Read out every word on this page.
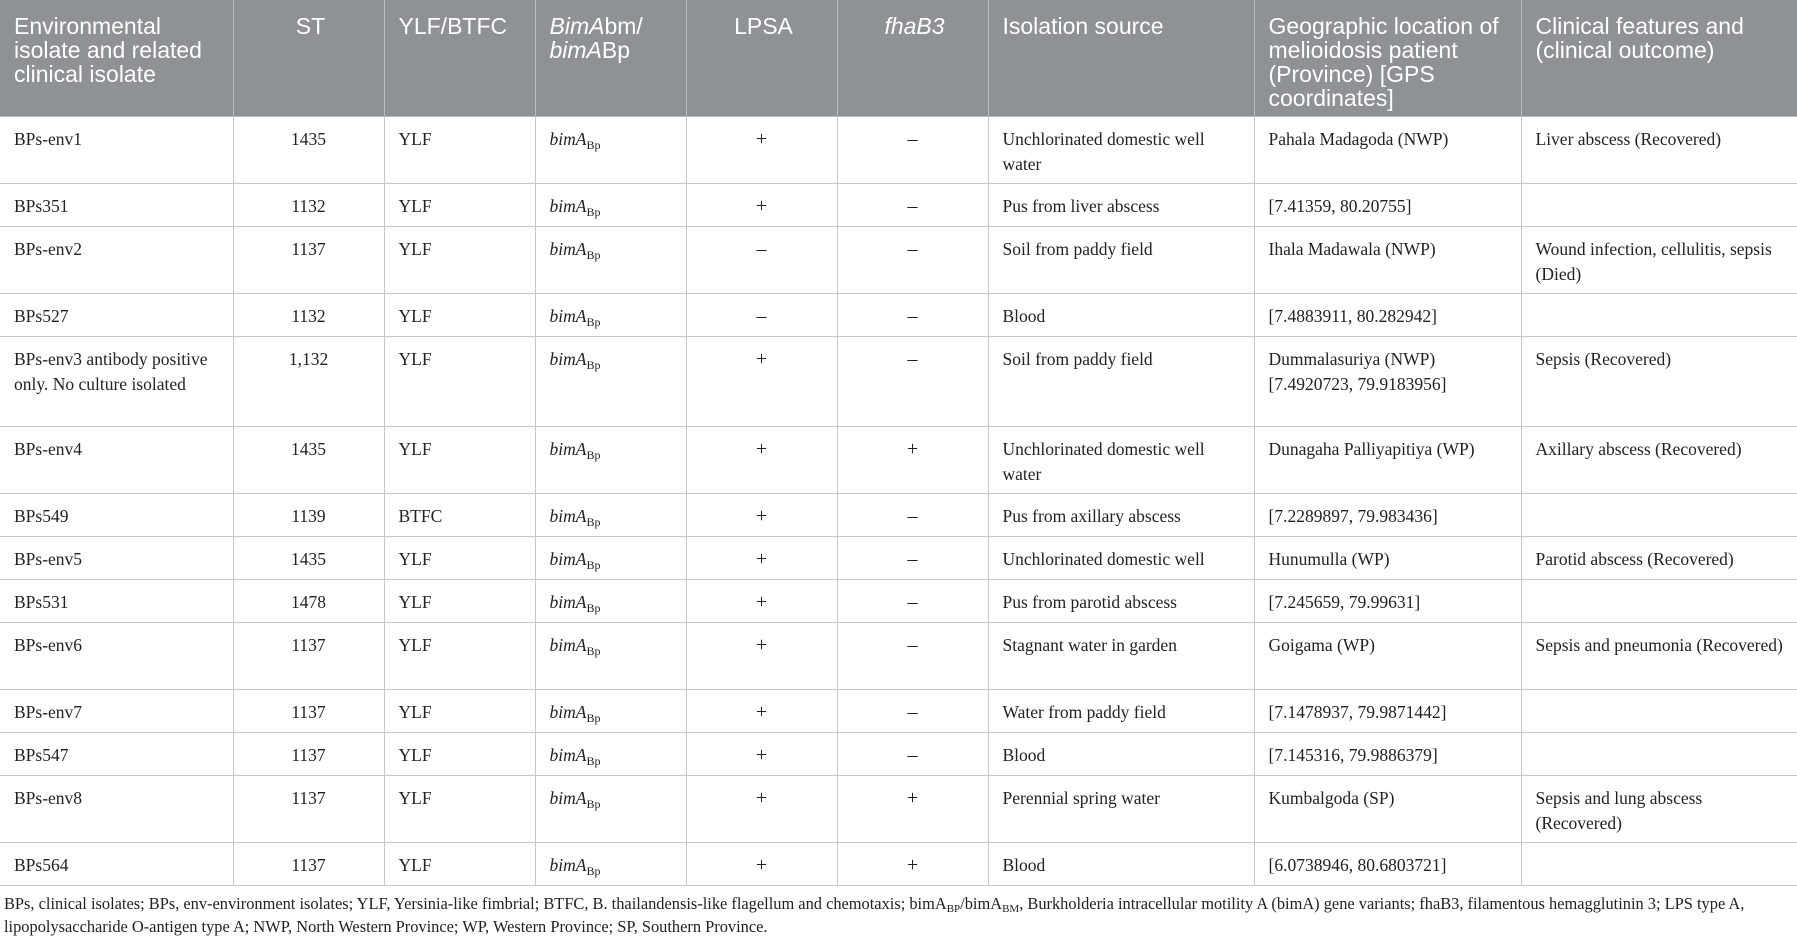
Environmental isolate and related clinical isolate	ST	YLF/BTFC	BimAbm/
bimABp	LPSA	fhaB3	Isolation source	Geographic location of melioidosis patient (Province) [GPS coordinates]	Clinical features and (clinical outcome)
BPs-env1	1435	YLF	bimA$_{Bp}$	+	–	Unchlorinated domestic well water	Pahala Madagoda (NWP)	Liver abscess (Recovered)
BPs351	1132	YLF	bimA$_{Bp}$	+	–	Pus from liver abscess	[7.41359, 80.20755]	
BPs-env2	1137	YLF	bimA$_{Bp}$	–	–	Soil from paddy field	Ihala Madawala (NWP)	Wound infection, cellulitis, sepsis (Died)
BPs527	1132	YLF	bimA$_{Bp}$	–	–	Blood	[7.4883911, 80.282942]	
BPs-env3 antibody positive only. No culture isolated	1,132	YLF	bimA$_{Bp}$	+	–	Soil from paddy field	Dummalasuriya (NWP) [7.4920723, 79.9183956]	Sepsis (Recovered)
BPs-env4	1435	YLF	bimA$_{Bp}$	+	+	Unchlorinated domestic well water	Dunagaha Palliyapitiya (WP)	Axillary abscess (Recovered)
BPs549	1139	BTFC	bimA$_{Bp}$	+	–	Pus from axillary abscess	[7.2289897, 79.983436]	
BPs-env5	1435	YLF	bimA$_{Bp}$	+	–	Unchlorinated domestic well	Hunumulla (WP)	Parotid abscess (Recovered)
BPs531	1478	YLF	bimA$_{Bp}$	+	–	Pus from parotid abscess	[7.245659, 79.99631]	
BPs-env6	1137	YLF	bimA$_{Bp}$	+	–	Stagnant water in garden	Goigama (WP)	Sepsis and pneumonia (Recovered)
BPs-env7	1137	YLF	bimA$_{Bp}$	+	–	Water from paddy field	[7.1478937, 79.9871442]	
BPs547	1137	YLF	bimA$_{Bp}$	+	–	Blood	[7.145316, 79.9886379]	
BPs-env8	1137	YLF	bimA$_{Bp}$	+	+	Perennial spring water	Kumbalgoda (SP)	Sepsis and lung abscess (Recovered)
BPs564	1137	YLF	bimA$_{Bp}$	+	+	Blood	[6.0738946, 80.6803721]	
BPs, clinical isolates; BPs, env-environment isolates; YLF, Yersinia-like fimbrial; BTFC, B. thailandensis-like flagellum and chemotaxis; bimA$_{BP}$/bimA$_{BM}$, Burkholderia intracellular motility A (bimA) gene variants; fhaB3, filamentous hemagglutinin 3; LPS type A, lipopolysaccharide O-antigen type A; NWP, North Western Province; WP, Western Province; SP, Southern Province.
